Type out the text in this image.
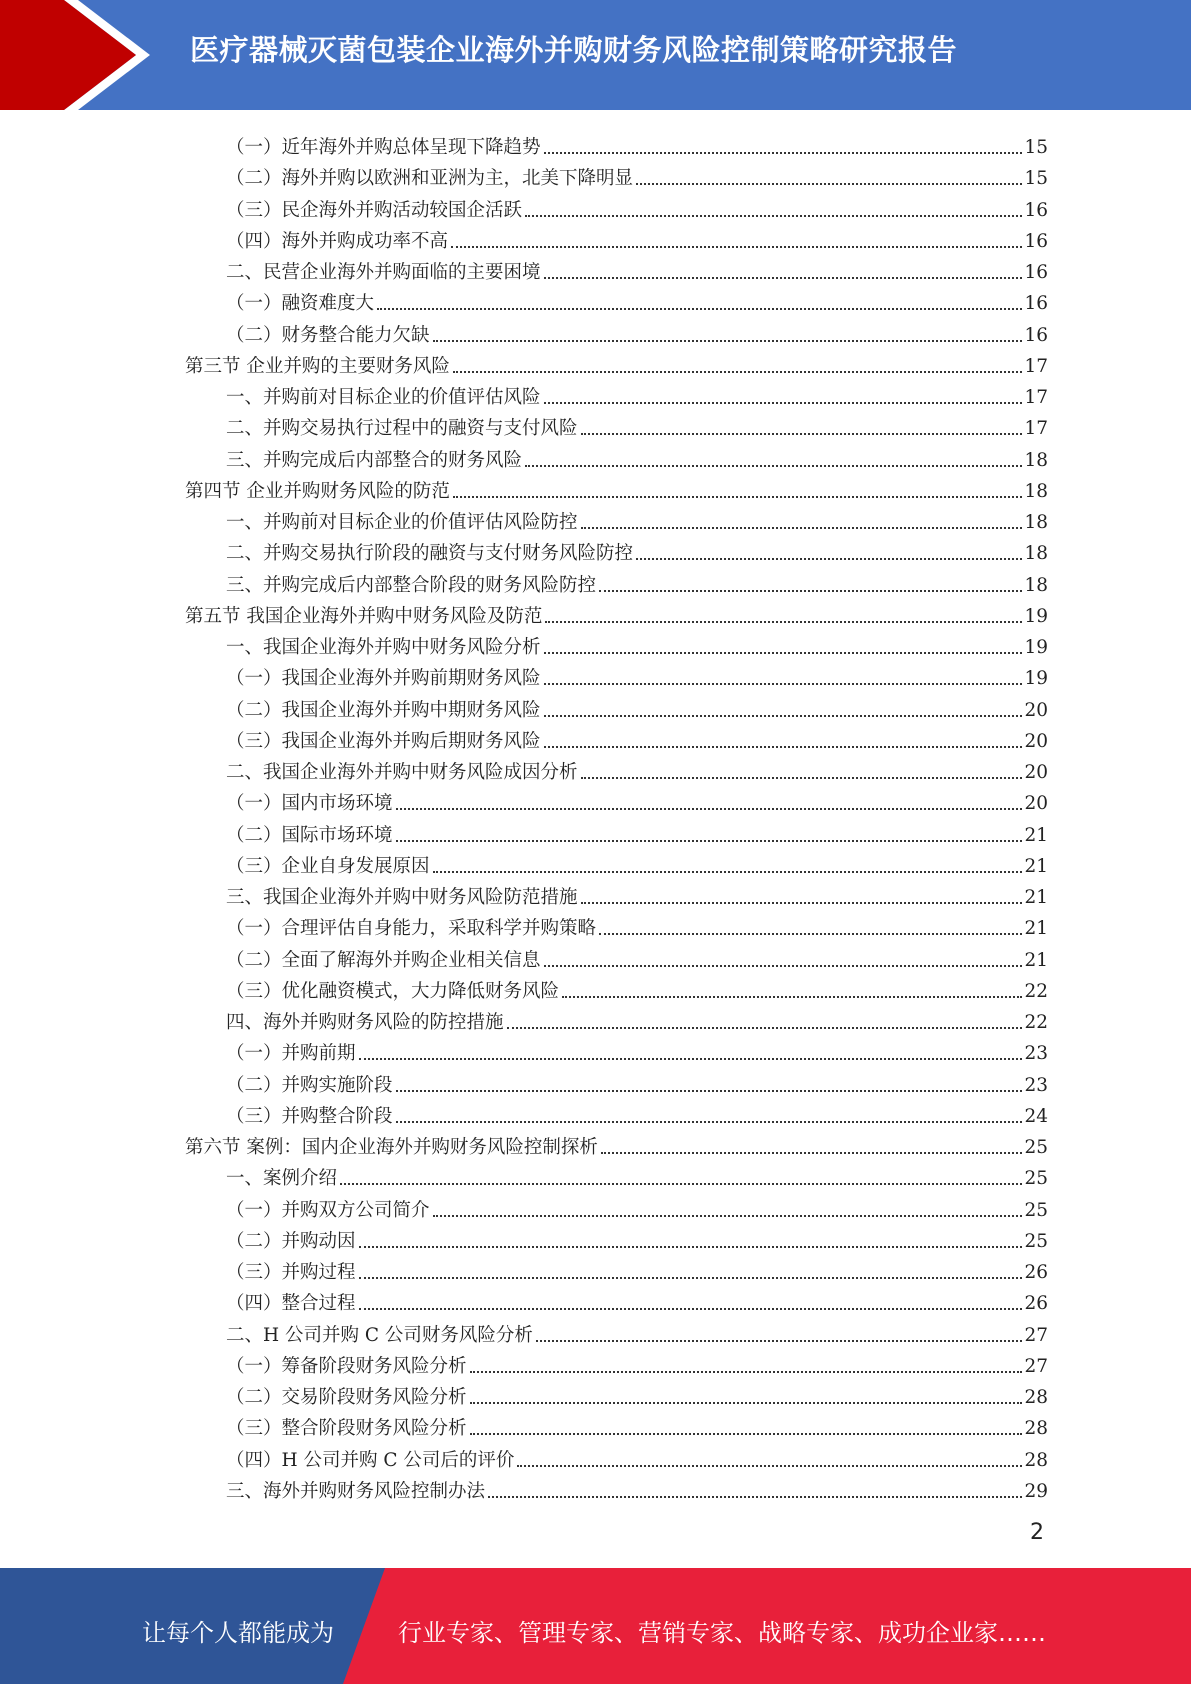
医疗器械灭菌包装企业海外并购财务风险控制策略研究报告
（一）近年海外并购总体呈现下降趋势	15
（二）海外并购以欧洲和亚洲为主，北美下降明显	15
（三）民企海外并购活动较国企活跃	16
（四）海外并购成功率不高	16
二、民营企业海外并购面临的主要困境	16
（一）融资难度大	16
（二）财务整合能力欠缺	16
第三节 企业并购的主要财务风险	17
一、并购前对目标企业的价值评估风险	17
二、并购交易执行过程中的融资与支付风险	17
三、并购完成后内部整合的财务风险	18
第四节 企业并购财务风险的防范	18
一、并购前对目标企业的价值评估风险防控	18
二、并购交易执行阶段的融资与支付财务风险防控	18
三、并购完成后内部整合阶段的财务风险防控	18
第五节 我国企业海外并购中财务风险及防范	19
一、我国企业海外并购中财务风险分析	19
（一）我国企业海外并购前期财务风险	19
（二）我国企业海外并购中期财务风险	20
（三）我国企业海外并购后期财务风险	20
二、我国企业海外并购中财务风险成因分析	20
（一）国内市场环境	20
（二）国际市场环境	21
（三）企业自身发展原因	21
三、我国企业海外并购中财务风险防范措施	21
（一）合理评估自身能力，采取科学并购策略	21
（二）全面了解海外并购企业相关信息	21
（三）优化融资模式，大力降低财务风险	22
四、海外并购财务风险的防控措施	22
（一）并购前期	23
（二）并购实施阶段	23
（三）并购整合阶段	24
第六节 案例：国内企业海外并购财务风险控制探析	25
一、案例介绍	25
（一）并购双方公司简介	25
（二）并购动因	25
（三）并购过程	26
（四）整合过程	26
二、H 公司并购 C 公司财务风险分析	27
（一）筹备阶段财务风险分析	27
（二）交易阶段财务风险分析	28
（三）整合阶段财务风险分析	28
（四）H 公司并购 C 公司后的评价	28
三、海外并购财务风险控制办法	29
2
让每个人都能成为	行业专家、管理专家、营销专家、战略专家、成功企业家……
